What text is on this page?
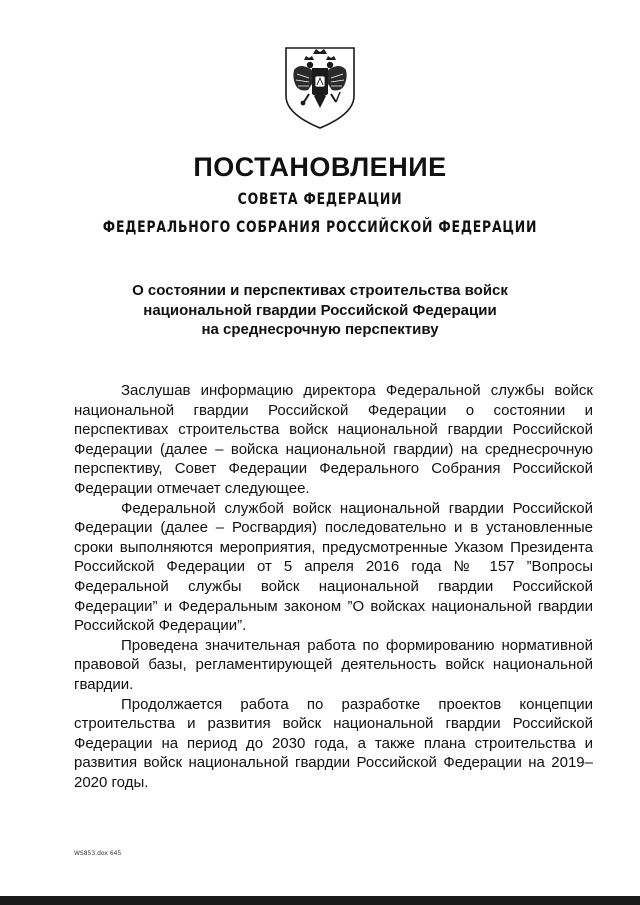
ПОСТАНОВЛЕНИЕ
СОВЕТА ФЕДЕРАЦИИ
ФЕДЕРАЛЬНОГО СОБРАНИЯ РОССИЙСКОЙ ФЕДЕРАЦИИ
О состоянии и перспективах строительства войск
национальной гвардии Российской Федерации
на среднесрочную перспективу

Заслушав информацию директора Федеральной службы войск национальной гвардии Российской Федерации о состоянии и перспективах строительства войск национальной гвардии Российской Федерации (далее – войска национальной гвардии) на среднесрочную перспективу, Совет Федерации Федерального Собрания Российской Федерации отмечает следующее.

Федеральной службой войск национальной гвардии Российской Федерации (далее – Росгвардия) последовательно и в установленные сроки выполняются мероприятия, предусмотренные Указом Президента Российской Федерации от 5 апреля 2016 года № 157 ”Вопросы Федеральной службы войск национальной гвардии Российской Федерации” и Федеральным законом ”О войсках национальной гвардии Российской Федерации”.

Проведена значительная работа по формированию нормативной правовой базы, регламентирующей деятельность войск национальной гвардии.

Продолжается работа по разработке проектов концепции строительства и развития войск национальной гвардии Российской Федерации на период до 2030 года, а также плана строительства и развития войск национальной гвардии Российской Федерации на 2019–2020 годы.

WS853.dox 645
